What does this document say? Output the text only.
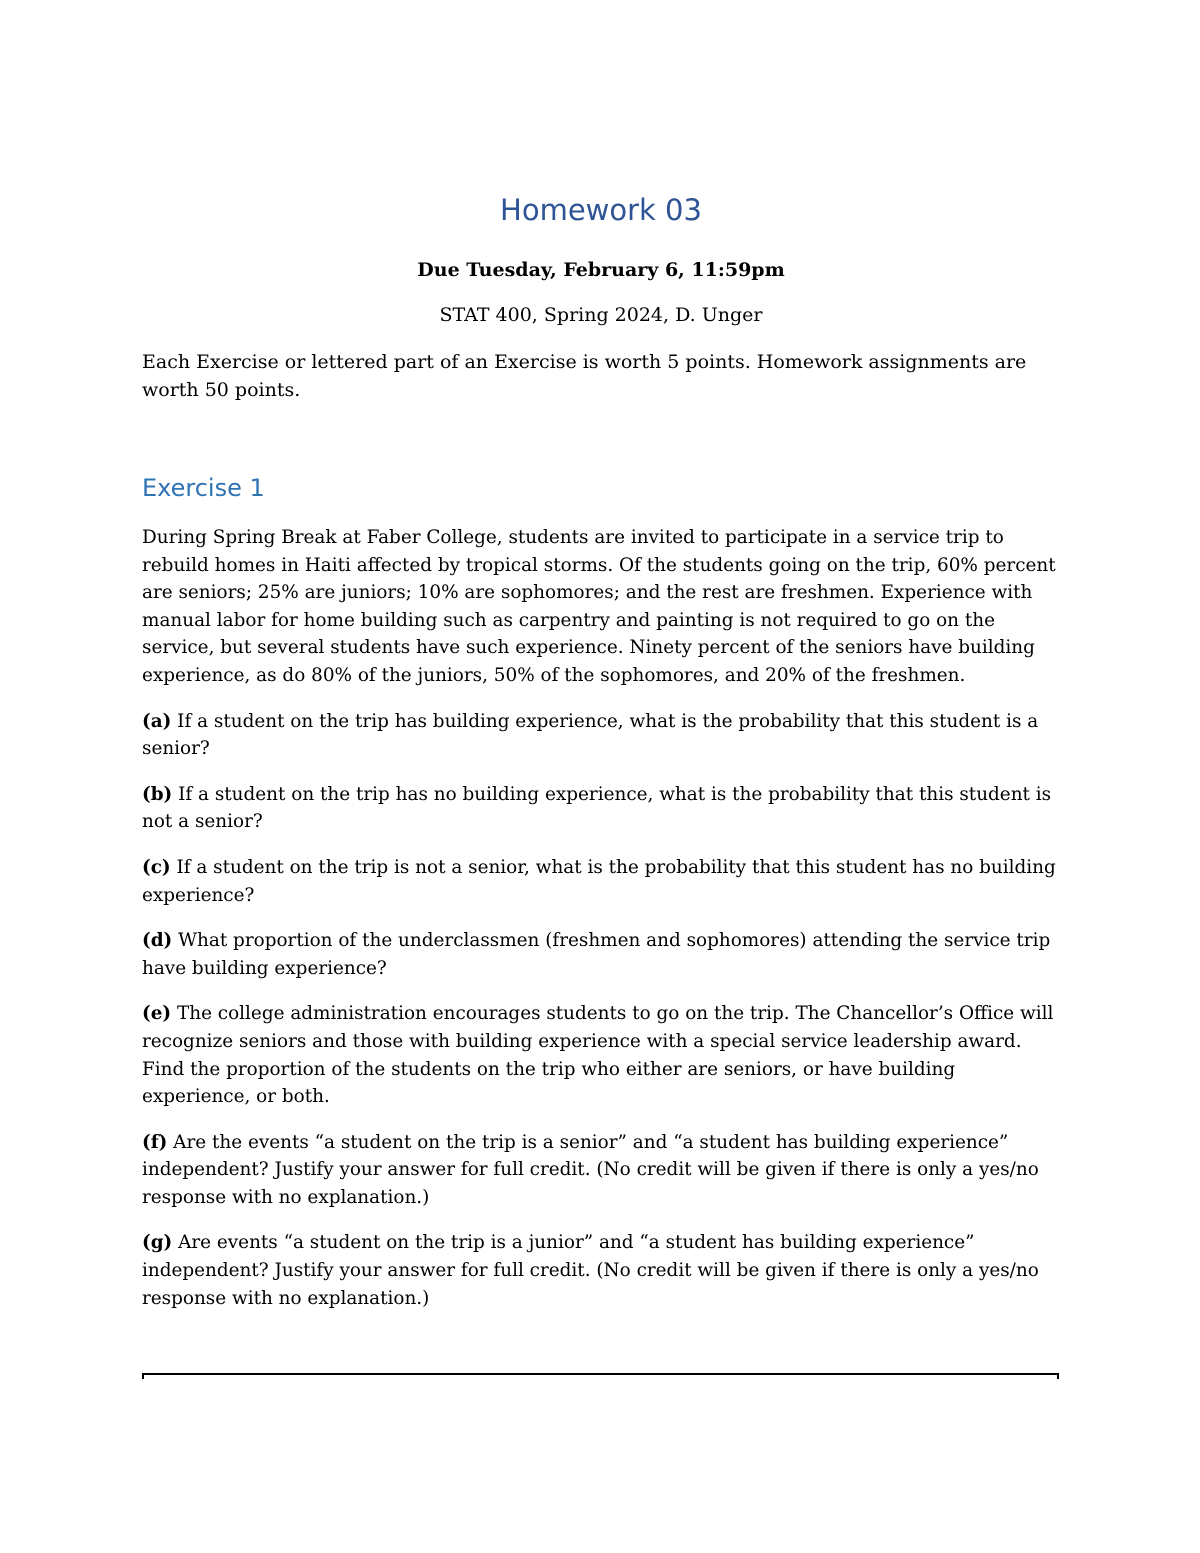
Homework 03
Due Tuesday, February 6, 11:59pm
STAT 400, Spring 2024, D. Unger

Each Exercise or lettered part of an Exercise is worth 5 points. Homework assignments are worth 50 points.

Exercise 1

During Spring Break at Faber College, students are invited to participate in a service trip to rebuild homes in Haiti affected by tropical storms. Of the students going on the trip, 60% percent are seniors; 25% are juniors; 10% are sophomores; and the rest are freshmen. Experience with manual labor for home building such as carpentry and painting is not required to go on the service, but several students have such experience. Ninety percent of the seniors have building experience, as do 80% of the juniors, 50% of the sophomores, and 20% of the freshmen.

(a) If a student on the trip has building experience, what is the probability that this student is a senior?

(b) If a student on the trip has no building experience, what is the probability that this student is not a senior?

(c) If a student on the trip is not a senior, what is the probability that this student has no building experience?

(d) What proportion of the underclassmen (freshmen and sophomores) attending the service trip have building experience?

(e) The college administration encourages students to go on the trip. The Chancellor’s Office will recognize seniors and those with building experience with a special service leadership award. Find the proportion of the students on the trip who either are seniors, or have building experience, or both.

(f) Are the events “a student on the trip is a senior” and “a student has building experience” independent? Justify your answer for full credit. (No credit will be given if there is only a yes/no response with no explanation.)

(g) Are events “a student on the trip is a junior” and “a student has building experience” independent? Justify your answer for full credit. (No credit will be given if there is only a yes/no response with no explanation.)
